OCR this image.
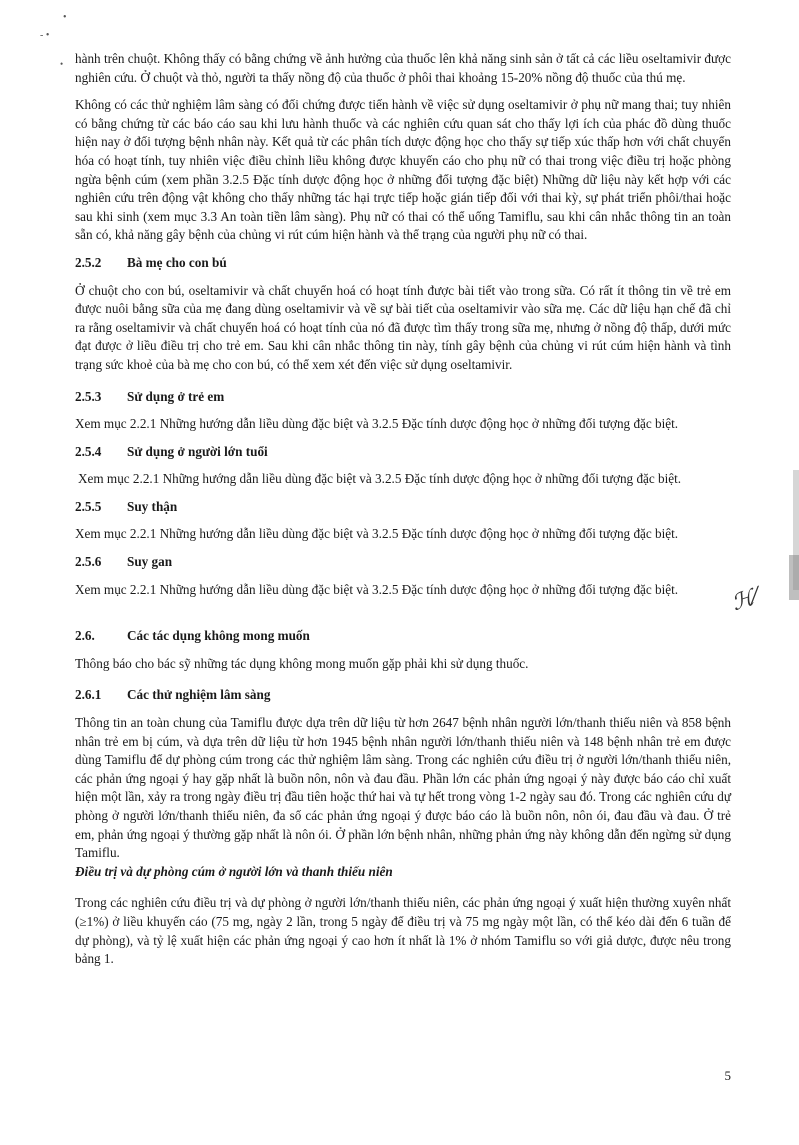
•
- •
• hành trên chuột. Không thấy có bằng chứng về ảnh hưởng của thuốc lên khả năng sinh sản ở tất cả các liều oseltamivir được nghiên cứu. Ở chuột và thỏ, người ta thấy nồng độ của thuốc ở phôi thai khoảng 15-20% nồng độ thuốc của thú mẹ.

Không có các thử nghiệm lâm sàng có đối chứng được tiến hành về việc sử dụng oseltamivir ở phụ nữ mang thai; tuy nhiên có bằng chứng từ các báo cáo sau khi lưu hành thuốc và các nghiên cứu quan sát cho thấy lợi ích của phác đồ dùng thuốc hiện nay ở đối tượng bệnh nhân này. Kết quả từ các phân tích dược động học cho thấy sự tiếp xúc thấp hơn với chất chuyển hóa có hoạt tính, tuy nhiên việc điều chỉnh liều không được khuyến cáo cho phụ nữ có thai trong việc điều trị hoặc phòng ngừa bệnh cúm (xem phần 3.2.5 Đặc tính dược động học ở những đối tượng đặc biệt) Những dữ liệu này kết hợp với các nghiên cứu trên động vật không cho thấy những tác hại trực tiếp hoặc gián tiếp đối với thai kỳ, sự phát triển phôi/thai hoặc sau khi sinh (xem mục 3.3 An toàn tiền lâm sàng). Phụ nữ có thai có thể uống Tamiflu, sau khi cân nhắc thông tin an toàn sẵn có, khả năng gây bệnh của chủng vi rút cúm hiện hành và thể trạng của người phụ nữ có thai.

2.5.2 Bà mẹ cho con bú

Ở chuột cho con bú, oseltamivir và chất chuyển hoá có hoạt tính được bài tiết vào trong sữa. Có rất ít thông tin về trẻ em được nuôi bằng sữa của mẹ đang dùng oseltamivir và về sự bài tiết của oseltamivir vào sữa mẹ. Các dữ liệu hạn chế đã chỉ ra rằng oseltamivir và chất chuyển hoá có hoạt tính của nó đã được tìm thấy trong sữa mẹ, nhưng ở nồng độ thấp, dưới mức đạt được ở liều điều trị cho trẻ em. Sau khi cân nhắc thông tin này, tính gây bệnh của chủng vi rút cúm hiện hành và tình trạng sức khoẻ của bà mẹ cho con bú, có thể xem xét đến việc sử dụng oseltamivir.

2.5.3 Sử dụng ở trẻ em

Xem mục 2.2.1 Những hướng dẫn liều dùng đặc biệt và 3.2.5 Đặc tính dược động học ở những đối tượng đặc biệt.

2.5.4 Sử dụng ở người lớn tuổi

Xem mục 2.2.1 Những hướng dẫn liều dùng đặc biệt và 3.2.5 Đặc tính dược động học ở những đối tượng đặc biệt.

2.5.5 Suy thận

Xem mục 2.2.1 Những hướng dẫn liều dùng đặc biệt và 3.2.5 Đặc tính dược động học ở những đối tượng đặc biệt.

2.5.6 Suy gan

Xem mục 2.2.1 Những hướng dẫn liều dùng đặc biệt và 3.2.5 Đặc tính dược động học ở những đối tượng đặc biệt.

2.6. Các tác dụng không mong muốn

Thông báo cho bác sỹ những tác dụng không mong muốn gặp phải khi sử dụng thuốc.

2.6.1 Các thử nghiệm lâm sàng

Thông tin an toàn chung của Tamiflu được dựa trên dữ liệu từ hơn 2647 bệnh nhân người lớn/thanh thiếu niên và 858 bệnh nhân trẻ em bị cúm, và dựa trên dữ liệu từ hơn 1945 bệnh nhân người lớn/thanh thiếu niên và 148 bệnh nhân trẻ em được dùng Tamiflu để dự phòng cúm trong các thử nghiệm lâm sàng. Trong các nghiên cứu điều trị ở người lớn/thanh thiếu niên, các phản ứng ngoại ý hay gặp nhất là buồn nôn, nôn và đau đầu. Phần lớn các phản ứng ngoại ý này được báo cáo chỉ xuất hiện một lần, xảy ra trong ngày điều trị đầu tiên hoặc thứ hai và tự hết trong vòng 1-2 ngày sau đó. Trong các nghiên cứu dự phòng ở người lớn/thanh thiếu niên, đa số các phản ứng ngoại ý được báo cáo là buồn nôn, nôn ói, đau đầu và đau. Ở trẻ em, phản ứng ngoại ý thường gặp nhất là nôn ói. Ở phần lớn bệnh nhân, những phản ứng này không dẫn đến ngừng sử dụng Tamiflu.

Điều trị và dự phòng cúm ở người lớn và thanh thiếu niên

Trong các nghiên cứu điều trị và dự phòng ở người lớn/thanh thiếu niên, các phản ứng ngoại ý xuất hiện thường xuyên nhất (≥1%) ở liều khuyến cáo (75 mg, ngày 2 lần, trong 5 ngày để điều trị và 75 mg ngày một lần, có thể kéo dài đến 6 tuần để dự phòng), và tỷ lệ xuất hiện các phản ứng ngoại ý cao hơn ít nhất là 1% ở nhóm Tamiflu so với giả dược, được nêu trong bảng 1.

5
ℋ⁄
